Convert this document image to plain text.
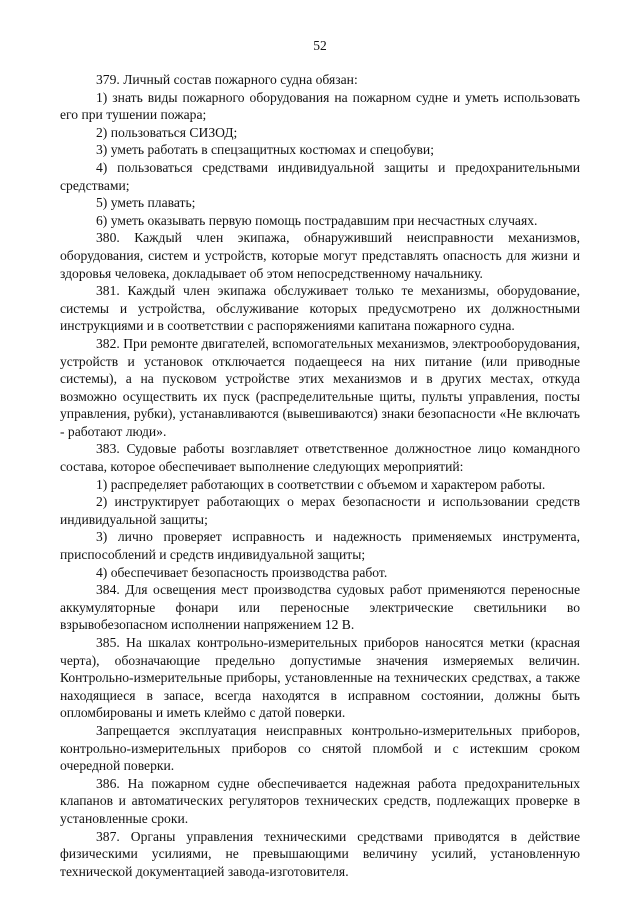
52

379. Личный состав пожарного судна обязан:

1) знать виды пожарного оборудования на пожарном судне и уметь использовать его при тушении пожара;

2) пользоваться СИЗОД;

3) уметь работать в спецзащитных костюмах и спецобуви;

4) пользоваться средствами индивидуальной защиты и предохранительными средствами;

5) уметь плавать;

6) уметь оказывать первую помощь пострадавшим при несчастных случаях.

380. Каждый член экипажа, обнаруживший неисправности механизмов, оборудования, систем и устройств, которые могут представлять опасность для жизни и здоровья человека, докладывает об этом непосредственному начальнику.

381. Каждый член экипажа обслуживает только те механизмы, оборудование, системы и устройства, обслуживание которых предусмотрено их должностными инструкциями и в соответствии с распоряжениями капитана пожарного судна.

382. При ремонте двигателей, вспомогательных механизмов, электрооборудования, устройств и установок отключается подаещееся на них питание (или приводные системы), а на пусковом устройстве этих механизмов и в других местах, откуда возможно осуществить их пуск (распределительные щиты, пульты управления, посты управления, рубки), устанавливаются (вывешиваются) знаки безопасности «Не включать - работают люди».

383. Судовые работы возглавляет ответственное должностное лицо командного состава, которое обеспечивает выполнение следующих мероприятий:

1) распределяет работающих в соответствии с объемом и характером работы.

2) инструктирует работающих о мерах безопасности и использовании средств индивидуальной защиты;

3) лично проверяет исправность и надежность применяемых инструмента, приспособлений и средств индивидуальной защиты;

4) обеспечивает безопасность производства работ.

384. Для освещения мест производства судовых работ применяются переносные аккумуляторные фонари или переносные электрические светильники во взрывобезопасном исполнении напряжением 12 В.

385. На шкалах контрольно-измерительных приборов наносятся метки (красная черта), обозначающие предельно допустимые значения измеряемых величин. Контрольно-измерительные приборы, установленные на технических средствах, а также находящиеся в запасе, всегда находятся в исправном состоянии, должны быть опломбированы и иметь клеймо с датой поверки.

Запрещается эксплуатация неисправных контрольно-измерительных приборов, контрольно-измерительных приборов со снятой пломбой и с истекшим сроком очередной поверки.

386. На пожарном судне обеспечивается надежная работа предохранительных клапанов и автоматических регуляторов технических средств, подлежащих проверке в установленные сроки.

387. Органы управления техническими средствами приводятся в действие физическими усилиями, не превышающими величину усилий, установленную технической документацией завода-изготовителя.
